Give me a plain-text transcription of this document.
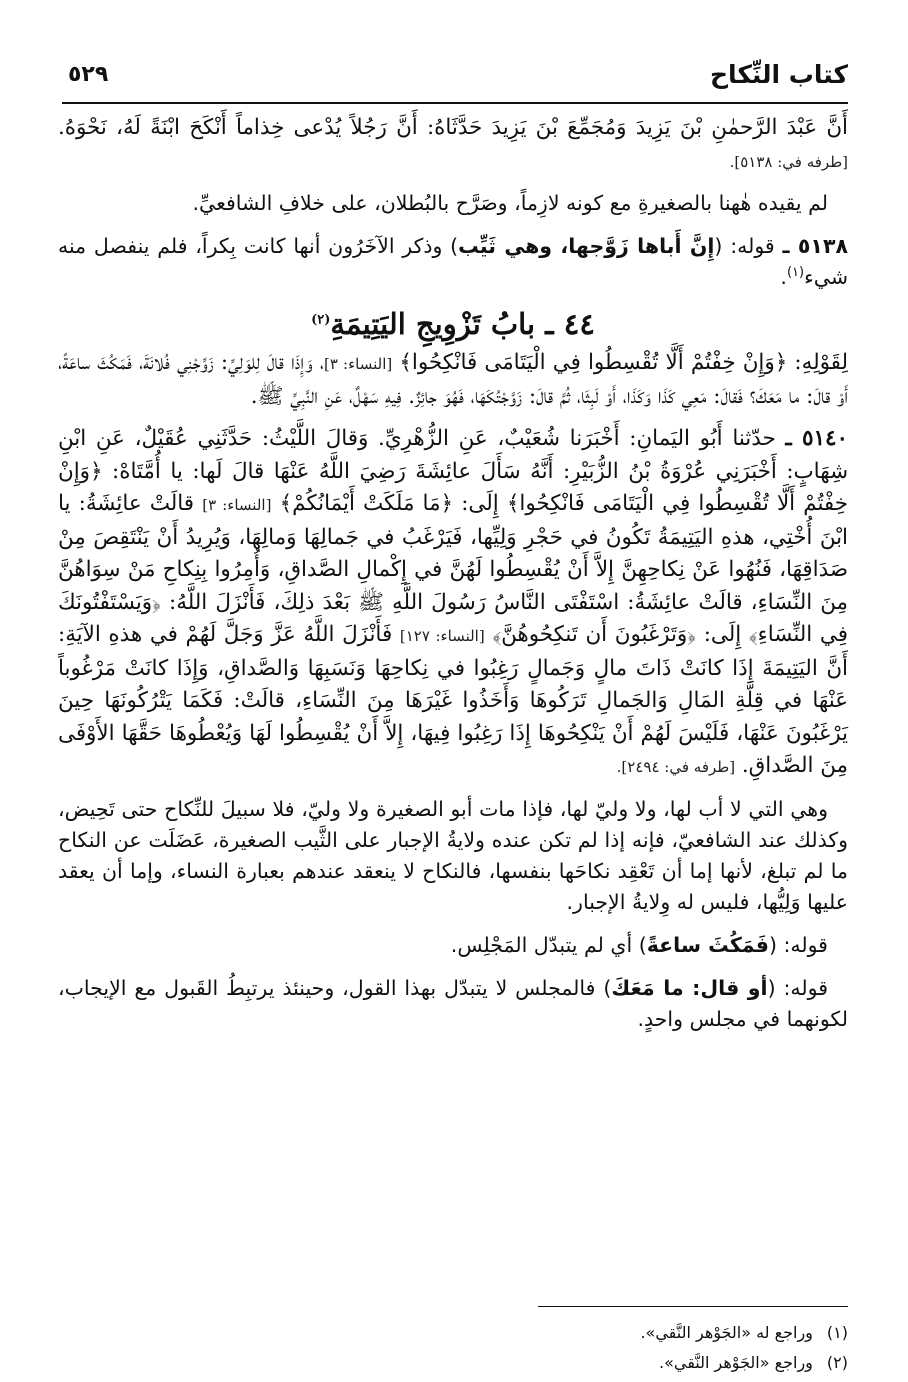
كتاب النِّكاح
٥٢٩

أَنَّ عَبْدَ الرَّحمٰنِ بْنَ يَزِيدَ وَمُجَمِّعَ بْنَ يَزِيدَ حَدَّثَاهُ: أَنَّ رَجُلاً يُدْعى خِذاماً أَنْكَحَ ابْنَةً لَهُ، نَحْوَهُ. [طرفه في: ٥١٣٨].

لم يقيده هٰهنا بالصغيرةِ مع كونه لازِماً، وصَرَّح بالبُطلان، على خلافِ الشافعيِّ.

٥١٣٨ ـ قوله: (إِنَّ أَباها زَوَّجها، وهي ثَيِّب) وذكر الآخَرُون أنها كانت بِكراً، فلم ينفصل منه شيء$^{(١)}$.

٤٤ ـ بابُ تَزْوِيجِ اليَتِيمَةِ$^{(٢)}$

لِقَوْلِهِ: ﴿وَإِنْ خِفْتُمْ أَلَّا تُقْسِطُوا فِي الْيَتَامَى فَانْكِحُوا﴾ [النساء: ٣]، وَإِذَا قالَ لِلوَلِيِّ: زَوِّجْنِي فُلانَةَ، فَمَكُثَ ساعَةً، أَوْ قالَ: ما مَعَكَ؟ فَقالَ: مَعِي كَذَا وَكَذَا، أَوْ لَبِثَا، ثُمَّ قالَ: زَوَّجْتُكَهَا، فَهُوَ جائِزٌ. فِيهِ سَهْلٌ، عَنِ النَّبِيِّ ﷺ.

٥١٤٠ ـ حدّثنا أَبُو اليَمانِ: أَخْبَرَنا شُعَيْبٌ، عَنِ الزُّهْرِيِّ. وَقالَ اللَّيْثُ: حَدَّثَنِي عُقَيْلٌ، عَنِ ابْنِ شِهَابٍ: أَخْبَرَنِي عُرْوَةُ بْنُ الزُّبَيْرِ: أَنَّهُ سَأَلَ عائِشَةَ رَضِيَ اللَّهُ عَنْهَا قالَ لَها: يا أُمَّتَاهْ: ﴿وَإِنْ خِفْتُمْ أَلَّا تُقْسِطُوا فِي الْيَتَامَى فَانْكِحُوا﴾ إِلَى: ﴿مَا مَلَكَتْ أَيْمَانُكُمْ﴾ [النساء: ٣] قالَتْ عائِشَةُ: يا ابْنَ أُخْتِي، هذهِ اليَتِيمَةُ تَكُونُ في حَجْرِ وَلِيِّها، فَيَرْغَبُ في جَمالِهَا وَمالِهَا، وَيُرِيدُ أَنْ يَنْتَقِصَ مِنْ صَدَاقِهَا، فَنُهُوا عَنْ نِكاحِهِنَّ إِلاَّ أَنْ يُقْسِطُوا لَهُنَّ في إِكْمالِ الصَّداقِ، وَأُمِرُوا بِنِكاحِ مَنْ سِوَاهُنَّ مِنَ النِّسَاءِ، قالَتْ عائِشَةُ: اسْتَفْتَى النَّاسُ رَسُولَ اللَّهِ ﷺ بَعْدَ ذلِكَ، فَأَنْزَلَ اللَّهُ: ﴿وَيَسْتَفْتُونَكَ فِي النِّسَاءِ﴾ إِلَى: ﴿وَتَرْغَبُونَ أَن تَنكِحُوهُنَّ﴾ [النساء: ١٢٧] فَأَنْزَلَ اللَّهُ عَزَّ وَجَلَّ لَهُمْ في هذهِ الآيَةِ: أَنَّ اليَتِيمَةَ إِذَا كانَتْ ذَاتَ مالٍ وَجَمالٍ رَغِبُوا في نِكاحِهَا وَنَسَبِهَا وَالصَّداقِ، وَإِذَا كانَتْ مَرْغُوباً عَنْهَا في قِلَّةِ المَالِ وَالجَمالِ تَرَكُوهَا وَأَخَذُوا غَيْرَهَا مِنَ النِّسَاءِ، قالَتْ: فَكَمَا يَتْرُكُونَهَا حِينَ يَرْغَبُونَ عَنْهَا، فَلَيْسَ لَهُمْ أَنْ يَنْكِحُوهَا إِذَا رَغِبُوا فِيهَا، إِلاَّ أَنْ يُقْسِطُوا لَهَا وَيُعْطُوهَا حَقَّهَا الأَوْفَى مِنَ الصَّداقِ. [طرفه في: ٢٤٩٤].

وهي التي لا أب لها، ولا وليّ لها، فإذا مات أبو الصغيرة ولا وليّ، فلا سبيلَ للنِّكاح حتى تَحِيض، وكذلك عند الشافعيّ، فإنه إذا لم تكن عنده ولايةُ الإجبار على الثَّيب الصغيرة، عَضَلَت عن النكاح ما لم تبلغ، لأنها إما أن تَعْقِد نكاحَها بنفسها، فالنكاح لا ينعقد عندهم بعبارة النساء، وإما أن يعقد عليها وَلِيُّها، فليس له وِلايةُ الإجبار.

قوله: (فَمَكُثَ ساعةً) أي لم يتبدّل المَجْلِس.

قوله: (أو قال: ما مَعَكَ) فالمجلس لا يتبدّل بهذا القول، وحينئذ يرتبِطُ القَبول مع الإيجاب، لكونهما في مجلس واحدٍ.

(١) وراجع له «الجَوْهر النَّقي».

(٢) وراجع «الجَوْهر النَّقي».
